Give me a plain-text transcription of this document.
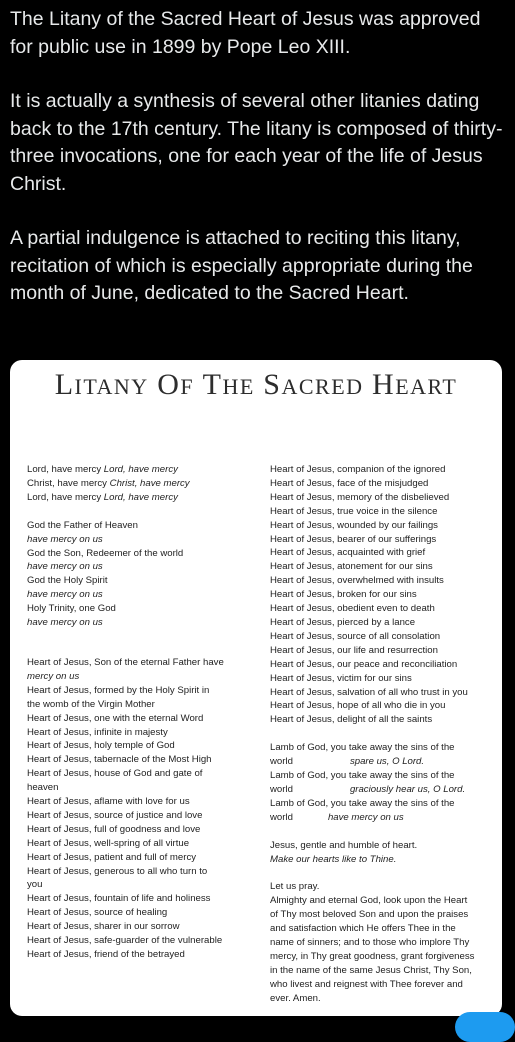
The Litany of the Sacred Heart of Jesus was approved for public use in 1899 by Pope Leo XIII.

It is actually a synthesis of several other litanies dating back to the 17th century. The litany is composed of thirty-three invocations, one for each year of the life of Jesus Christ.

A partial indulgence is attached to reciting this litany, recitation of which is especially appropriate during the month of June, dedicated to the Sacred Heart.

LITANY OF THE SACRED HEART
Lord, have mercy Lord, have mercy
Christ, have mercy Christ, have mercy
Lord, have mercy Lord, have mercy
God the Father of Heaven
have mercy on us
God the Son, Redeemer of the world
have mercy on us
God the Holy Spirit
have mercy on us
Holy Trinity, one God
have mercy on us
Heart of Jesus, Son of the eternal Father have
mercy on us
Heart of Jesus, formed by the Holy Spirit in
the womb of the Virgin Mother
Heart of Jesus, one with the eternal Word
Heart of Jesus, infinite in majesty
Heart of Jesus, holy temple of God
Heart of Jesus, tabernacle of the Most High
Heart of Jesus, house of God and gate of
heaven
Heart of Jesus, aflame with love for us
Heart of Jesus, source of justice and love
Heart of Jesus, full of goodness and love
Heart of Jesus, well-spring of all virtue
Heart of Jesus, patient and full of mercy
Heart of Jesus, generous to all who turn to
you
Heart of Jesus, fountain of life and holiness
Heart of Jesus, source of healing
Heart of Jesus, sharer in our sorrow
Heart of Jesus, safe-guarder of the vulnerable
Heart of Jesus, friend of the betrayed
Heart of Jesus, companion of the ignored
Heart of Jesus, face of the misjudged
Heart of Jesus, memory of the disbelieved
Heart of Jesus, true voice in the silence
Heart of Jesus, wounded by our failings
Heart of Jesus, bearer of our sufferings
Heart of Jesus, acquainted with grief
Heart of Jesus, atonement for our sins
Heart of Jesus, overwhelmed with insults
Heart of Jesus, broken for our sins
Heart of Jesus, obedient even to death
Heart of Jesus, pierced by a lance
Heart of Jesus, source of all consolation
Heart of Jesus, our life and resurrection
Heart of Jesus, our peace and reconciliation
Heart of Jesus, victim for our sins
Heart of Jesus, salvation of all who trust in you
Heart of Jesus, hope of all who die in you
Heart of Jesus, delight of all the saints
Lamb of God, you take away the sins of the
world	spare us, O Lord.
Lamb of God, you take away the sins of the
world	graciously hear us, O Lord.
Lamb of God, you take away the sins of the
world	have mercy on us
Jesus, gentle and humble of heart.
Make our hearts like to Thine.
Let us pray.
Almighty and eternal God, look upon the Heart
of Thy most beloved Son and upon the praises
and satisfaction which He offers Thee in the
name of sinners; and to those who implore Thy
mercy, in Thy great goodness, grant forgiveness
in the name of the same Jesus Christ, Thy Son,
who livest and reignest with Thee forever and
ever. Amen.
